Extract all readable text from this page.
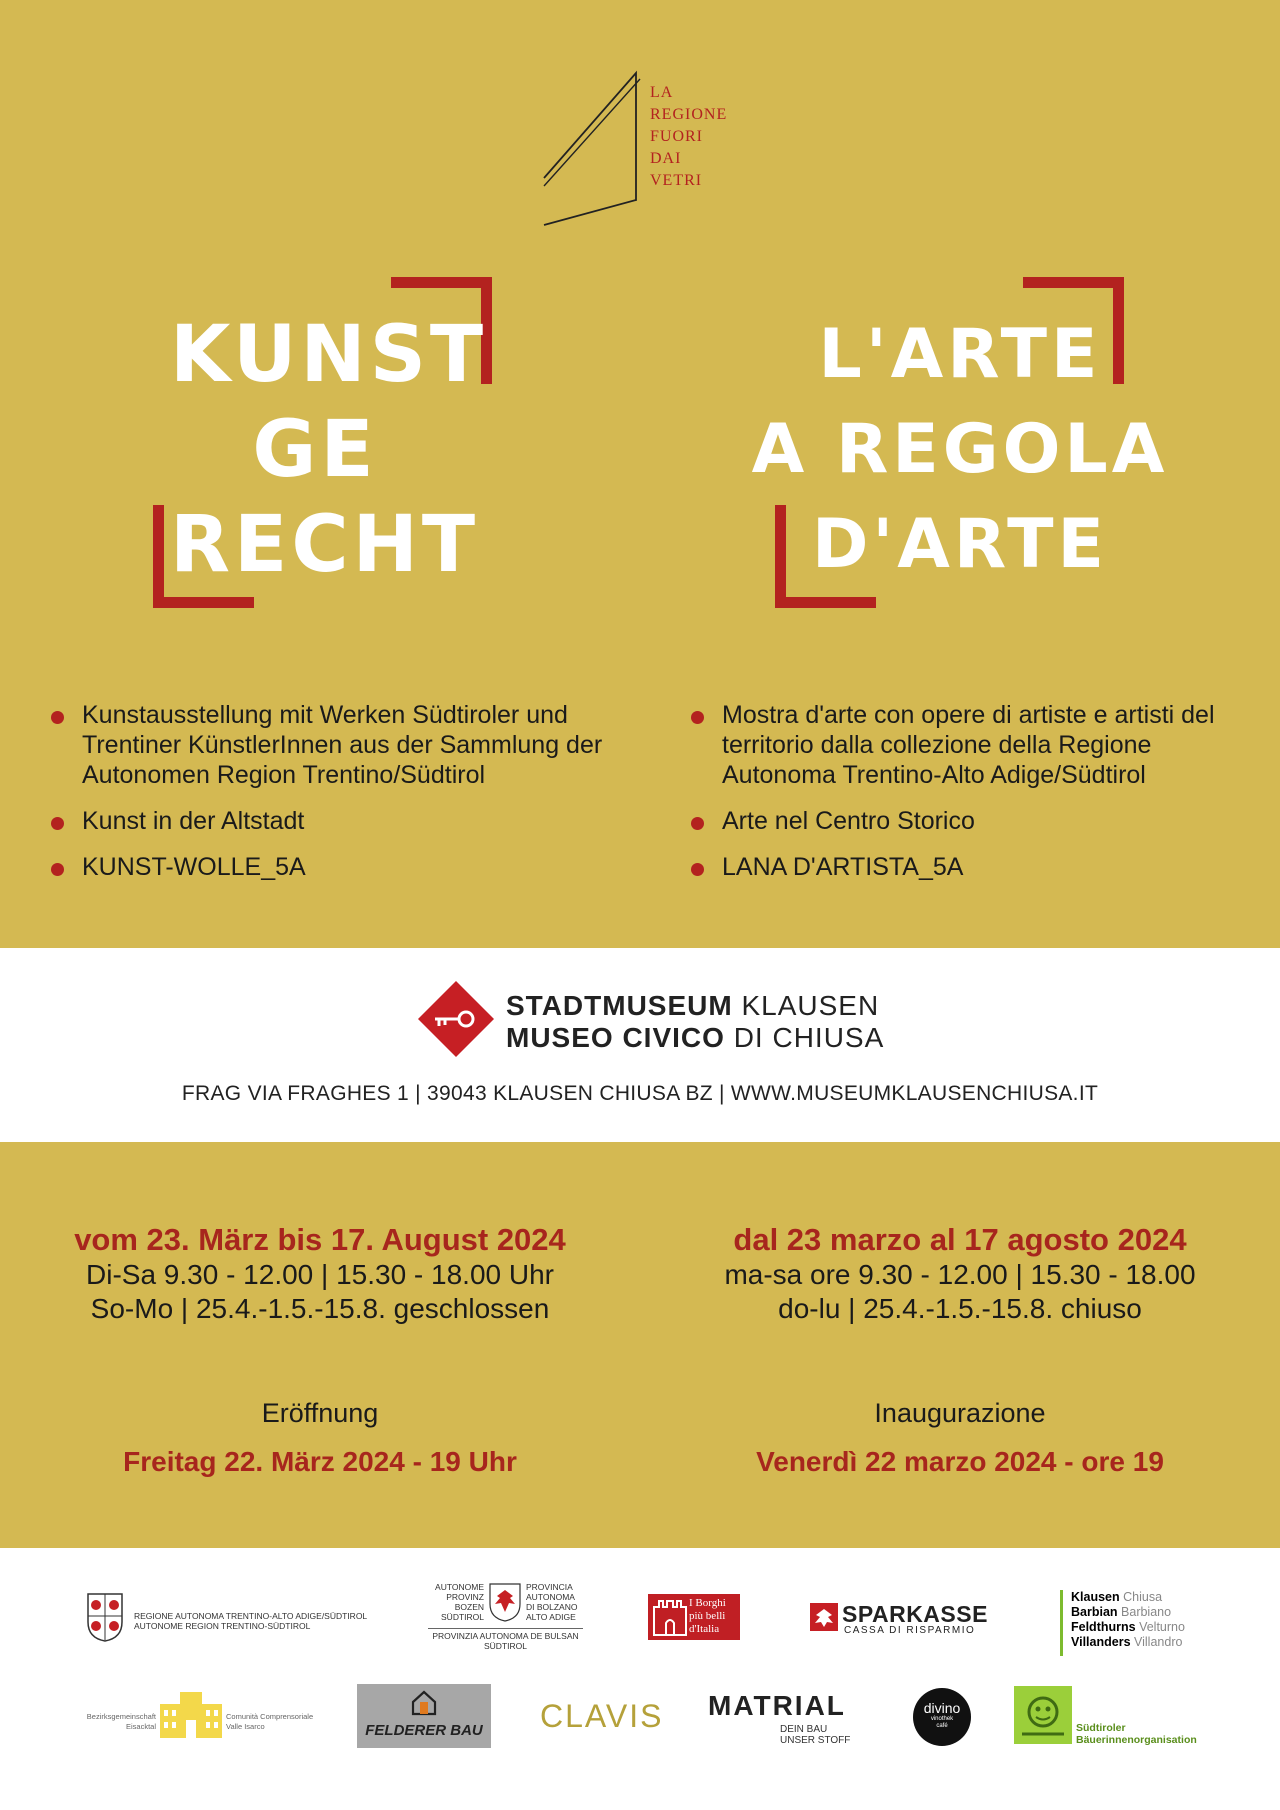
LA
REGIONE
FUORI
DAI
VETRI
KUNST
GE
RECHT
L'ARTE
A REGOLA
D'ARTE
Kunstausstellung mit Werken Südtiroler und Trentiner KünstlerInnen aus der Sammlung der Autonomen Region Trentino/Südtirol
Kunst in der Altstadt
KUNST-WOLLE_5A
Mostra d'arte con opere di artiste e artisti del territorio dalla collezione della Regione Autonoma Trentino-Alto Adige/Südtirol
Arte nel Centro Storico
LANA D'ARTISTA_5A
STADTMUSEUM KLAUSEN
MUSEO CIVICO DI CHIUSA
FRAG VIA FRAGHES 1 | 39043 KLAUSEN CHIUSA BZ | WWW.MUSEUMKLAUSENCHIUSA.IT
vom 23. März bis 17. August 2024
Di-Sa 9.30 - 12.00 | 15.30 - 18.00 Uhr
So-Mo | 25.4.-1.5.-15.8. geschlossen
dal 23 marzo al 17 agosto 2024
ma-sa ore 9.30 - 12.00 | 15.30 - 18.00
do-lu | 25.4.-1.5.-15.8. chiuso
Eröffnung
Freitag 22. März 2024 - 19 Uhr
Inaugurazione
Venerdì 22 marzo 2024 - ore 19
REGIONE AUTONOMA TRENTINO-ALTO ADIGE/SÜDTIROL
AUTONOME REGION TRENTINO-SÜDTIROL
AUTONOME
PROVINZ
BOZEN
SÜDTIROL
PROVINCIA
AUTONOMA
DI BOLZANO
ALTO ADIGE
PROVINZIA AUTONOMA DE BULSAN
SÜDTIROL
I Borghi
più belli
d'Italia
SPARKASSE
CASSA DI RISPARMIO
Klausen Chiusa
Barbian Barbiano
Feldthurns Velturno
Villanders Villandro
Bezirksgemeinschaft
Eisacktal
Comunità Comprensoriale
Valle Isarco	FELDERER BAU CLAVIS MATRIAL
DEIN BAU
UNSER STOFF
divino
vinothek
café	Südtiroler
Bäuerinnenorganisation
